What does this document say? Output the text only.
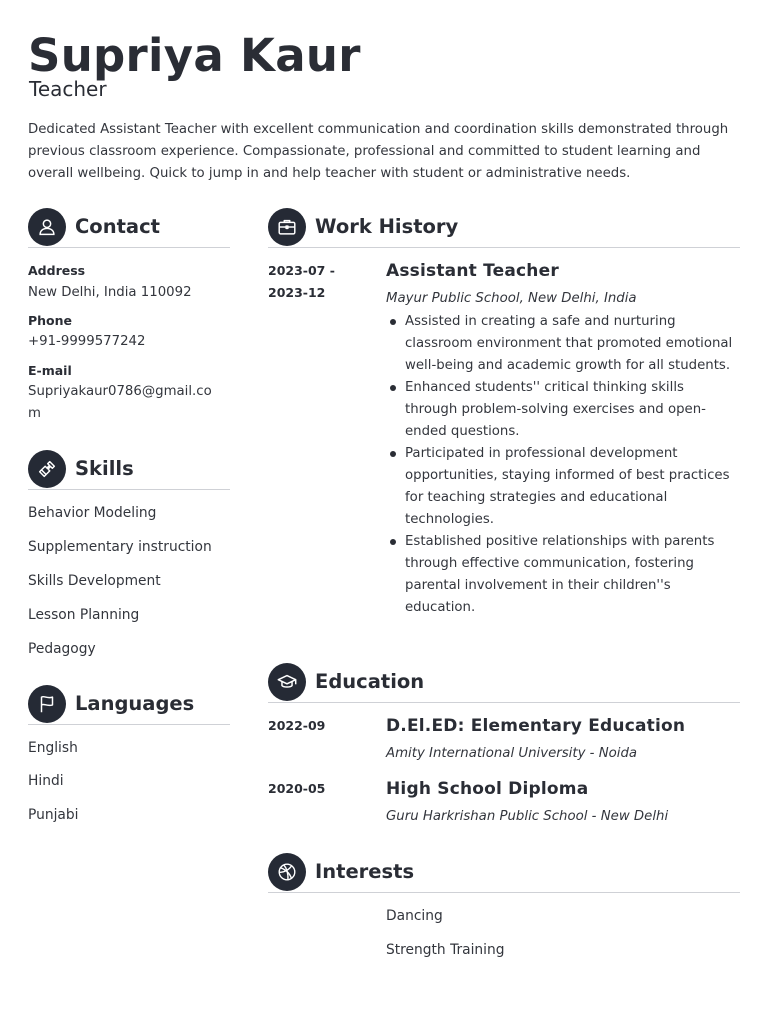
Supriya Kaur
Teacher
Dedicated Assistant Teacher with excellent communication and coordination skills demonstrated through previous classroom experience. Compassionate, professional and committed to student learning and overall wellbeing. Quick to jump in and help teacher with student or administrative needs.
Contact
Address
New Delhi, India 110092
Phone
+91-9999577242
E-mail
Supriyakaur0786@gmail.com
Skills
Behavior Modeling
Supplementary instruction
Skills Development
Lesson Planning
Pedagogy
Languages
English
Hindi
Punjabi
Work History
2023-07 -
2023-12
Assistant Teacher
Mayur Public School, New Delhi, India
Assisted in creating a safe and nurturing classroom environment that promoted emotional well-being and academic growth for all students.
Enhanced students'' critical thinking skills through problem-solving exercises and open-ended questions.
Participated in professional development opportunities, staying informed of best practices for teaching strategies and educational technologies.
Established positive relationships with parents through effective communication, fostering parental involvement in their children''s education.
Education
2022-09	D.El.ED: Elementary Education
Amity International University - Noida
2020-05	High School Diploma
Guru Harkrishan Public School - New Delhi
Interests
Dancing
Strength Training
